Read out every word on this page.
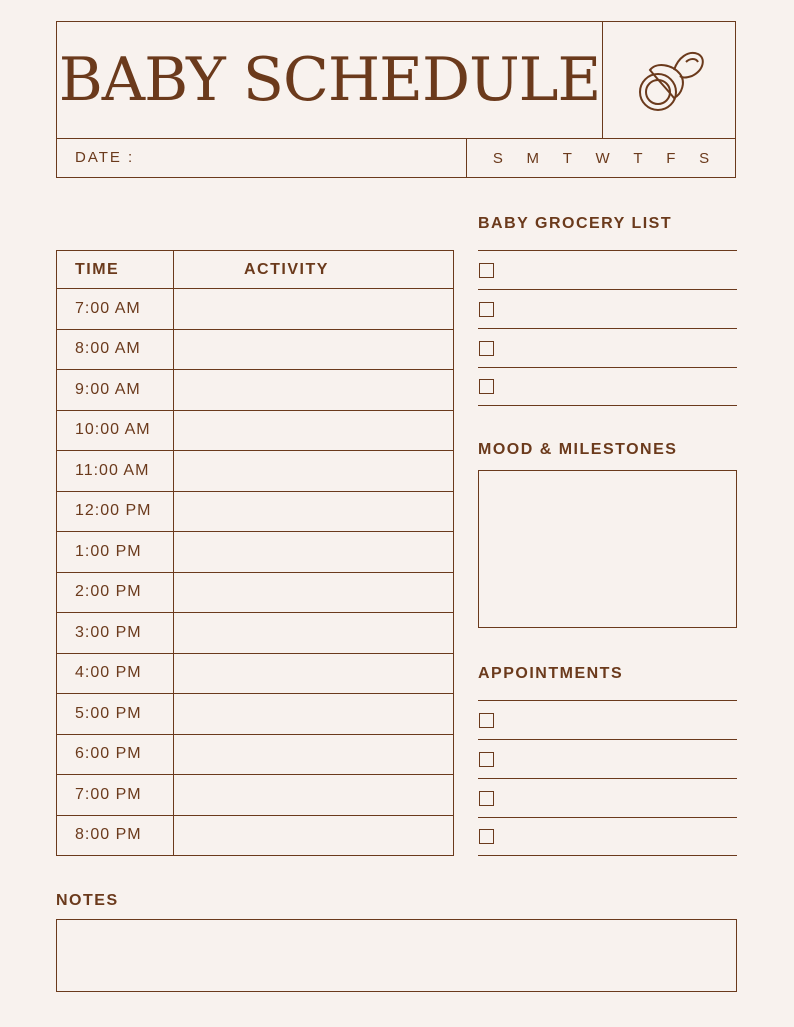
BABY SCHEDULE
DATE :	S M T W T F S
TIME	ACTIVITY
7:00 AM
8:00 AM
9:00 AM
10:00 AM
11:00 AM
12:00 PM
1:00 PM
2:00 PM
3:00 PM
4:00 PM
5:00 PM
6:00 PM
7:00 PM
8:00 PM
BABY GROCERY LIST
MOOD & MILESTONES
APPOINTMENTS
NOTES
